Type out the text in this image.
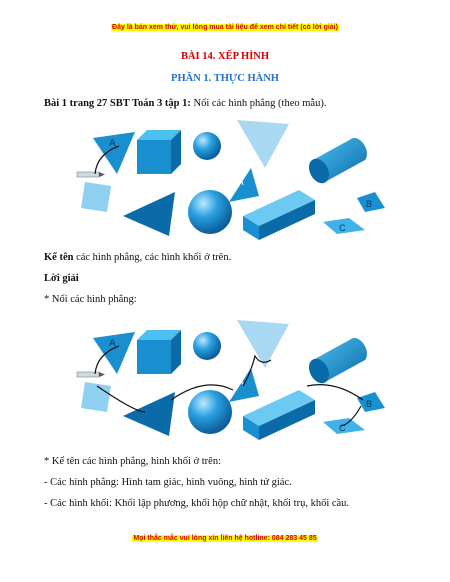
Đây là bản xem thử, vui lòng mua tài liệu để xem chi tiết (có lời giải)
BÀI 14. XẾP HÌNH
PHẦN 1. THỰC HÀNH
Bài 1 trang 27 SBT Toán 3 tập 1: Nối các hình phẳng (theo mẫu).
A
A
B
C
Kể tên các hình phẳng, các hình khối ở trên.
Lời giải
* Nối các hình phẳng:
A
A
B
C
* Kể tên các hình phẳng, hình khối ở trên:
- Các hình phẳng: Hình tam giác, hình vuông, hình tứ giác.
- Các hình khối: Khối lập phương, khối hộp chữ nhật, khối trụ, khối cầu.
Mọi thắc mắc vui lòng xin liên hệ hotline: 084 283 45 85
